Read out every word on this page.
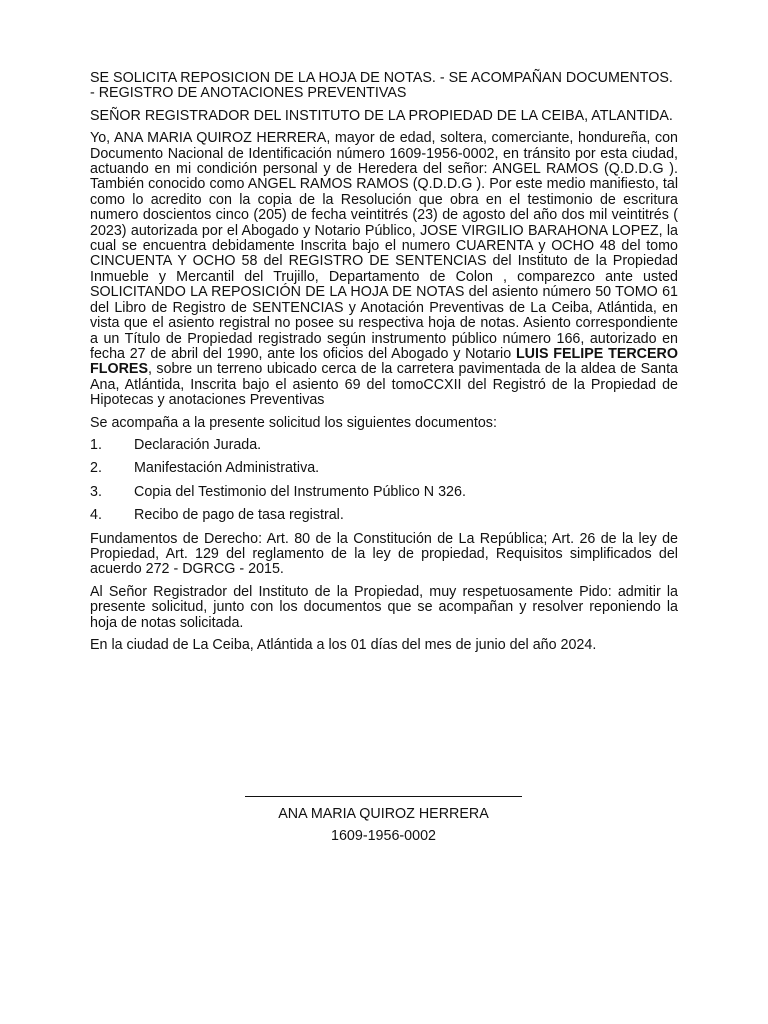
SE SOLICITA REPOSICION DE LA HOJA DE NOTAS. - SE ACOMPAÑAN DOCUMENTOS. - REGISTRO DE ANOTACIONES PREVENTIVAS

SEÑOR REGISTRADOR DEL INSTITUTO DE LA PROPIEDAD DE LA CEIBA, ATLANTIDA.

Yo, ANA MARIA QUIROZ HERRERA, mayor de edad, soltera, comerciante, hondureña, con Documento Nacional de Identificación número 1609-1956-0002, en tránsito por esta ciudad, actuando en mi condición personal y de Heredera del señor: ANGEL RAMOS (Q.D.D.G ). También conocido como ANGEL RAMOS RAMOS (Q.D.D.G ). Por este medio manifiesto, tal como lo acredito con la copia de la Resolución que obra en el testimonio de escritura numero doscientos cinco (205) de fecha veintitrés (23) de agosto del año dos mil veintitrés ( 2023) autorizada por el Abogado y Notario Público, JOSE VIRGILIO BARAHONA LOPEZ, la cual se encuentra debidamente Inscrita bajo el numero CUARENTA y OCHO 48 del tomo CINCUENTA Y OCHO 58 del REGISTRO DE SENTENCIAS del Instituto de la Propiedad Inmueble y Mercantil del Trujillo, Departamento de Colon , comparezco ante usted SOLICITANDO LA REPOSICIÓN DE LA HOJA DE NOTAS del asiento número 50 TOMO 61 del Libro de Registro de SENTENCIAS y Anotación Preventivas de La Ceiba, Atlántida, en vista que el asiento registral no posee su respectiva hoja de notas. Asiento correspondiente a un Título de Propiedad registrado según instrumento público número 166, autorizado en fecha 27 de abril del 1990, ante los oficios del Abogado y Notario LUIS FELIPE TERCERO FLORES, sobre un terreno ubicado cerca de la carretera pavimentada de la aldea de Santa Ana, Atlántida, Inscrita bajo el asiento 69 del tomoCCXII del Registró de la Propiedad de Hipotecas y anotaciones Preventivas

Se acompaña a la presente solicitud los siguientes documentos:

1.	Declaración Jurada.
2.	Manifestación Administrativa.
3.	Copia del Testimonio del Instrumento Público N 326.
4.	Recibo de pago de tasa registral.

Fundamentos de Derecho: Art. 80 de la Constitución de La República; Art. 26 de la ley de Propiedad, Art. 129 del reglamento de la ley de propiedad, Requisitos simplificados del acuerdo 272 - DGRCG - 2015.

Al Señor Registrador del Instituto de la Propiedad, muy respetuosamente Pido: admitir la presente solicitud, junto con los documentos que se acompañan y resolver reponiendo la hoja de notas solicitada.

En la ciudad de La Ceiba, Atlántida a los 01 días del mes de junio del año 2024.

ANA MARIA QUIROZ HERRERA
1609-1956-0002
